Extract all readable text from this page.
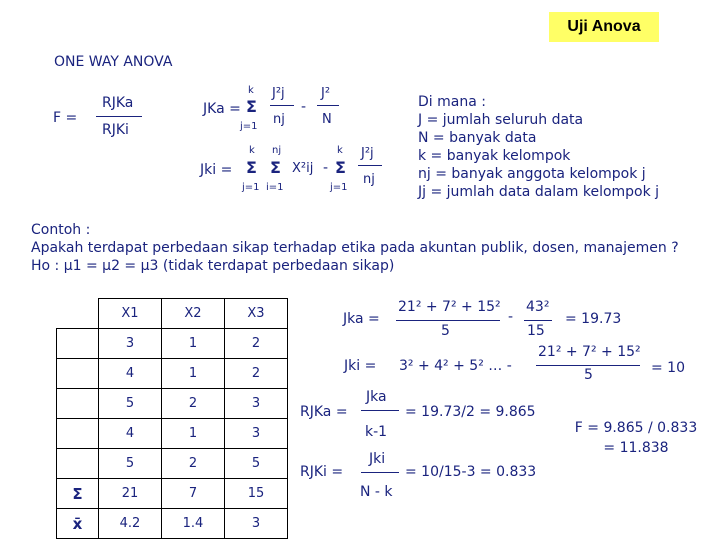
Uji Anova
ONE WAY ANOVA
F =
RJKa
RJKi
JKa =
k
Σ
j=1
J²j
nj
-
J²
N
Jki =
k
Σ
j=1
nj
Σ
i=1
X²ij -
k
Σ
j=1
J²j
nj
Di mana :
J = jumlah seluruh data
N = banyak data
k = banyak kelompok
nj = banyak anggota kelompok j
Jj = jumlah data dalam kelompok j
Contoh :
Apakah terdapat perbedaan sikap terhadap etika pada akuntan publik, dosen, manajemen ?
Ho : μ1 = μ2 = μ3 (tidak terdapat perbedaan sikap)
	X1	X2	X3
	3	1	2
	4	1	2
	5	2	3
	4	1	3
	5	2	5
Σ	21	7	15
x̄	4.2	1.4	3
Jka =
21² + 7² + 15²
5
-
43²
15
= 19.73
Jki = 3² + 4² + 5² … -
21² + 7² + 15²
5	= 10
RJKa =
Jka
k-1
= 19.73/2 = 9.865
RJKi =
Jki
N - k
= 10/15-3 = 0.833
F = 9.865 / 0.833
= 11.838
